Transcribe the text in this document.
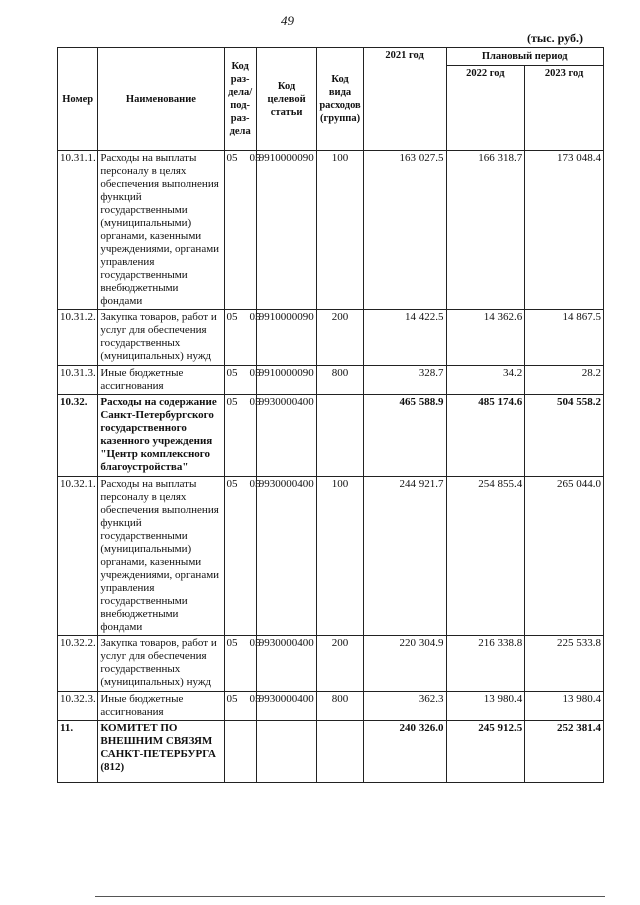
49
(тыс. руб.)
Номер	Наименование	Код раз-дела/под-раз-дела	Код целевой статьи	Код вида расходов (группа)	2021 год	Плановый период	
						2022 год	2023 год
10.31.1.	Расходы на выплаты персоналу в целях обеспечения выполнения функций государственными (муниципальными) органами, казенными учреждениями, органами управления государственными внебюджетными фондами	05 05	9910000090	100	163 027.5	166 318.7	173 048.4
10.31.2.	Закупка товаров, работ и услуг для обеспечения государственных (муниципальных) нужд	05 05	9910000090	200	14 422.5	14 362.6	14 867.5
10.31.3.	Иные бюджетные ассигнования	05 05	9910000090	800	328.7	34.2	28.2
10.32.	Расходы на содержание Санкт-Петербургского государственного казенного учреждения "Центр комплексного благоустройства"	05 05	9930000400		465 588.9	485 174.6	504 558.2
10.32.1.	Расходы на выплаты персоналу в целях обеспечения выполнения функций государственными (муниципальными) органами, казенными учреждениями, органами управления государственными внебюджетными фондами	05 05	9930000400	100	244 921.7	254 855.4	265 044.0
10.32.2.	Закупка товаров, работ и услуг для обеспечения государственных (муниципальных) нужд	05 05	9930000400	200	220 304.9	216 338.8	225 533.8
10.32.3.	Иные бюджетные ассигнования	05 05	9930000400	800	362.3	13 980.4	13 980.4
11.	КОМИТЕТ ПО ВНЕШНИМ СВЯЗЯМ САНКТ-ПЕТЕРБУРГА (812)				240 326.0	245 912.5	252 381.4
